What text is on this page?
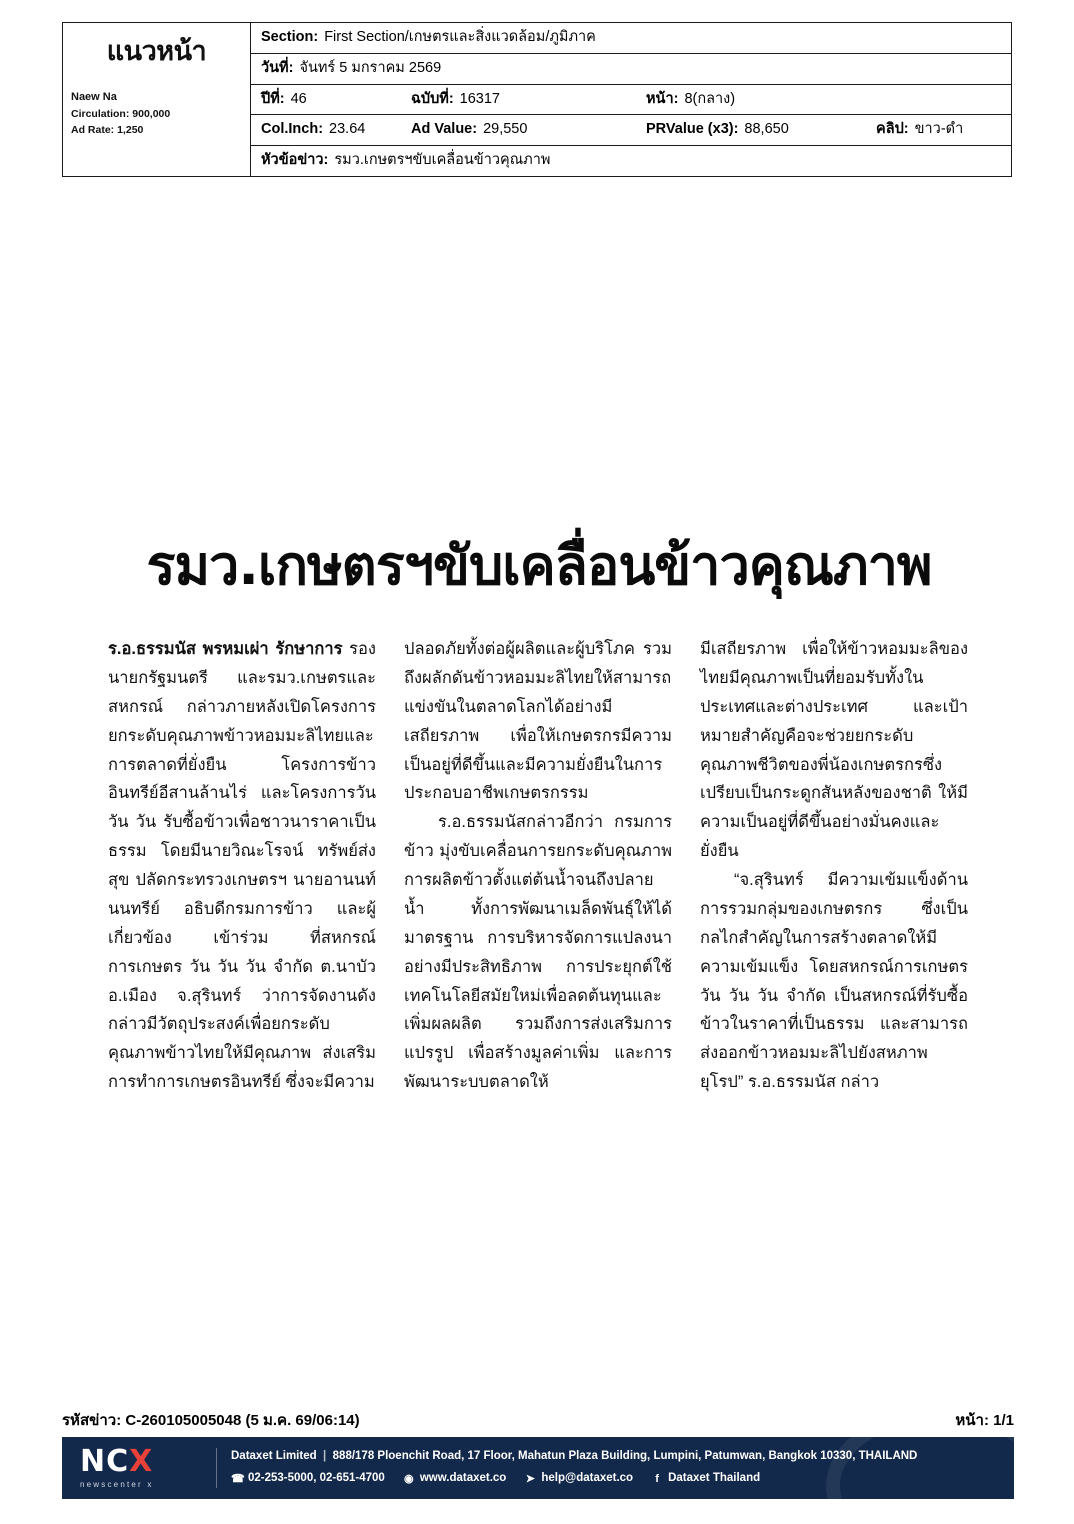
แนวหน้า
Naew Na
Circulation: 900,000
Ad Rate: 1,250
Section: First Section/เกษตรและสิ่งแวดล้อม/ภูมิภาค
วันที่: จันทร์ 5 มกราคม 2569
ปีที่: 46	ฉบับที่: 16317	หน้า: 8(กลาง)
Col.Inch: 23.64	Ad Value: 29,550	PRValue (x3): 88,650	คลิป: ขาว-ดำ
หัวข้อข่าว: รมว.เกษตรฯขับเคลื่อนข้าวคุณภาพ
รมว.เกษตรฯขับเคลื่อนข้าวคุณภาพ

ร.อ.ธรรมนัส พรหมเผ่า รักษาการ รองนายกรัฐมนตรี และรมว.เกษตรและสหกรณ์ กล่าวภายหลังเปิดโครงการยกระดับคุณภาพข้าวหอมมะลิไทยและการตลาดที่ยั่งยืน โครงการข้าวอินทรีย์อีสานล้านไร่ และโครงการวัน วัน วัน รับซื้อข้าวเพื่อชาวนาราคาเป็นธรรม โดยมีนายวิณะโรจน์ ทรัพย์ส่งสุข ปลัดกระทรวงเกษตรฯ นายอานนท์ นนทรีย์ อธิบดีกรมการข้าว และผู้เกี่ยวข้อง เข้าร่วม ที่สหกรณ์การเกษตร วัน วัน วัน จำกัด ต.นาบัว อ.เมือง จ.สุรินทร์ ว่าการจัดงานดังกล่าวมีวัตถุประสงค์เพื่อยกระดับคุณภาพข้าวไทยให้มีคุณภาพ ส่งเสริมการทำการเกษตรอินทรีย์ ซึ่งจะมีความ

ปลอดภัยทั้งต่อผู้ผลิตและผู้บริโภค รวมถึงผลักดันข้าวหอมมะลิไทยให้สามารถแข่งขันในตลาดโลกได้อย่างมีเสถียรภาพ เพื่อให้เกษตรกรมีความเป็นอยู่ที่ดีขึ้นและมีความยั่งยืนในการประกอบอาชีพเกษตรกรรม

ร.อ.ธรรมนัสกล่าวอีกว่า กรมการข้าว มุ่งขับเคลื่อนการยกระดับคุณภาพการผลิตข้าวตั้งแต่ต้นน้ำจนถึงปลายน้ำ ทั้งการพัฒนาเมล็ดพันธุ์ให้ได้มาตรฐาน การบริหารจัดการแปลงนาอย่างมีประสิทธิภาพ การประยุกต์ใช้เทคโนโลยีสมัยใหม่เพื่อลดต้นทุนและเพิ่มผลผลิต รวมถึงการส่งเสริมการแปรรูป เพื่อสร้างมูลค่าเพิ่ม และการพัฒนาระบบตลาดให้

มีเสถียรภาพ เพื่อให้ข้าวหอมมะลิของไทยมีคุณภาพเป็นที่ยอมรับทั้งในประเทศและต่างประเทศ และเป้าหมายสำคัญคือจะช่วยยกระดับคุณภาพชีวิตของพี่น้องเกษตรกรซึ่งเปรียบเป็นกระดูกสันหลังของชาติ ให้มีความเป็นอยู่ที่ดีขึ้นอย่างมั่นคงและยั่งยืน

“จ.สุรินทร์ มีความเข้มแข็งด้านการรวมกลุ่มของเกษตรกร ซึ่งเป็นกลไกสำคัญในการสร้างตลาดให้มีความเข้มแข็ง โดยสหกรณ์การเกษตร วัน วัน วัน จำกัด เป็นสหกรณ์ที่รับซื้อข้าวในราคาที่เป็นธรรม และสามารถส่งออกข้าวหอมมะลิไปยังสหภาพยุโรป” ร.อ.ธรรมนัส กล่าว

รหัสข่าว: C-260105005048 (5 ม.ค. 69/06:14)	หน้า: 1/1
NCX
newscenter x
Dataxet Limited  |  888/178 Ploenchit Road, 17 Floor, Mahatun Plaza Building, Lumpini, Patumwan, Bangkok 10330, THAILAND
☎ 02-253-5000, 02-651-4700 ◉ www.dataxet.co ➤ help@dataxet.co  f  Dataxet Thailand
